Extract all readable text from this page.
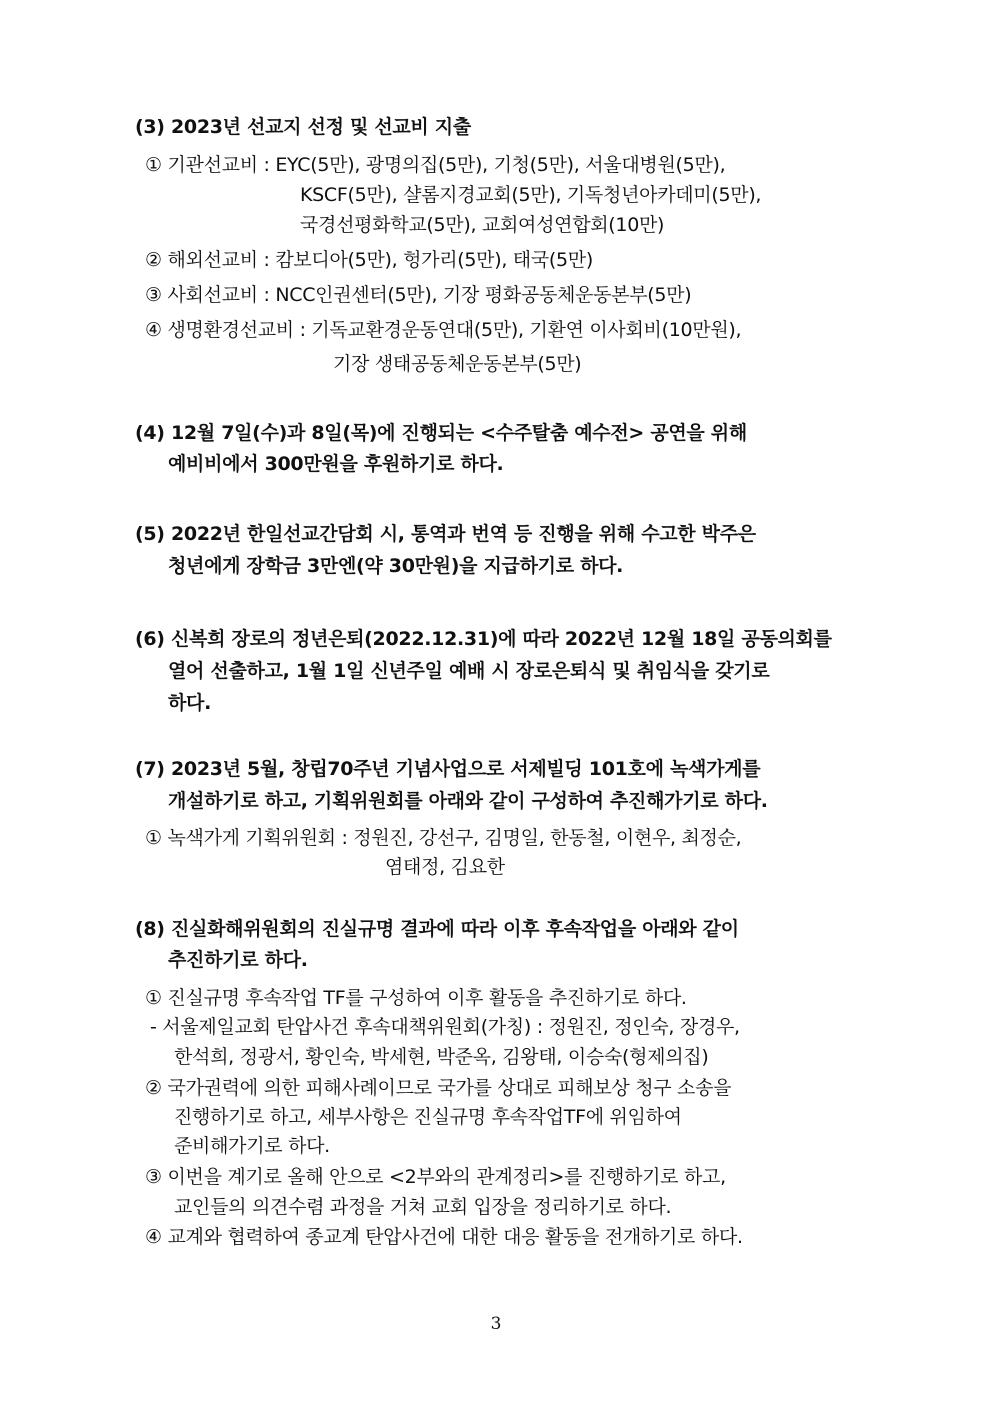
(3) 2023년 선교지 선정 및 선교비 지출
① 기관선교비 : EYC(5만), 광명의집(5만), 기청(5만), 서울대병원(5만),
KSCF(5만), 샬롬지경교회(5만), 기독청년아카데미(5만),
국경선평화학교(5만), 교회여성연합회(10만)
② 해외선교비 : 캄보디아(5만), 헝가리(5만), 태국(5만)
③ 사회선교비 : NCC인권센터(5만), 기장 평화공동체운동본부(5만)
④ 생명환경선교비 : 기독교환경운동연대(5만), 기환연 이사회비(10만원),
기장 생태공동체운동본부(5만)
(4) 12월 7일(수)과 8일(목)에 진행되는 <수주탈춤 예수전> 공연을 위해
예비비에서 300만원을 후원하기로 하다.
(5) 2022년 한일선교간담회 시, 통역과 번역 등 진행을 위해 수고한 박주은
청년에게 장학금 3만엔(약 30만원)을 지급하기로 하다.
(6) 신복희 장로의 정년은퇴(2022.12.31)에 따라 2022년 12월 18일 공동의회를
열어 선출하고, 1월 1일 신년주일 예배 시 장로은퇴식 및 취임식을 갖기로
하다.
(7) 2023년 5월, 창립70주년 기념사업으로 서제빌딩 101호에 녹색가게를
개설하기로 하고, 기획위원회를 아래와 같이 구성하여 추진해가기로 하다.
① 녹색가게 기획위원회 : 정원진, 강선구, 김명일, 한동철, 이현우, 최정순,
염태정, 김요한
(8) 진실화해위원회의 진실규명 결과에 따라 이후 후속작업을 아래와 같이
추진하기로 하다.
① 진실규명 후속작업 TF를 구성하여 이후 활동을 추진하기로 하다.
- 서울제일교회 탄압사건 후속대책위원회(가칭) : 정원진, 정인숙, 장경우,
한석희, 정광서, 황인숙, 박세현, 박준옥, 김왕태, 이승숙(형제의집)
② 국가권력에 의한 피해사례이므로 국가를 상대로 피해보상 청구 소송을
진행하기로 하고, 세부사항은 진실규명 후속작업TF에 위임하여
준비해가기로 하다.
③ 이번을 계기로 올해 안으로 <2부와의 관계정리>를 진행하기로 하고,
교인들의 의견수렴 과정을 거쳐 교회 입장을 정리하기로 하다.
④ 교계와 협력하여 종교계 탄압사건에 대한 대응 활동을 전개하기로 하다.
3
